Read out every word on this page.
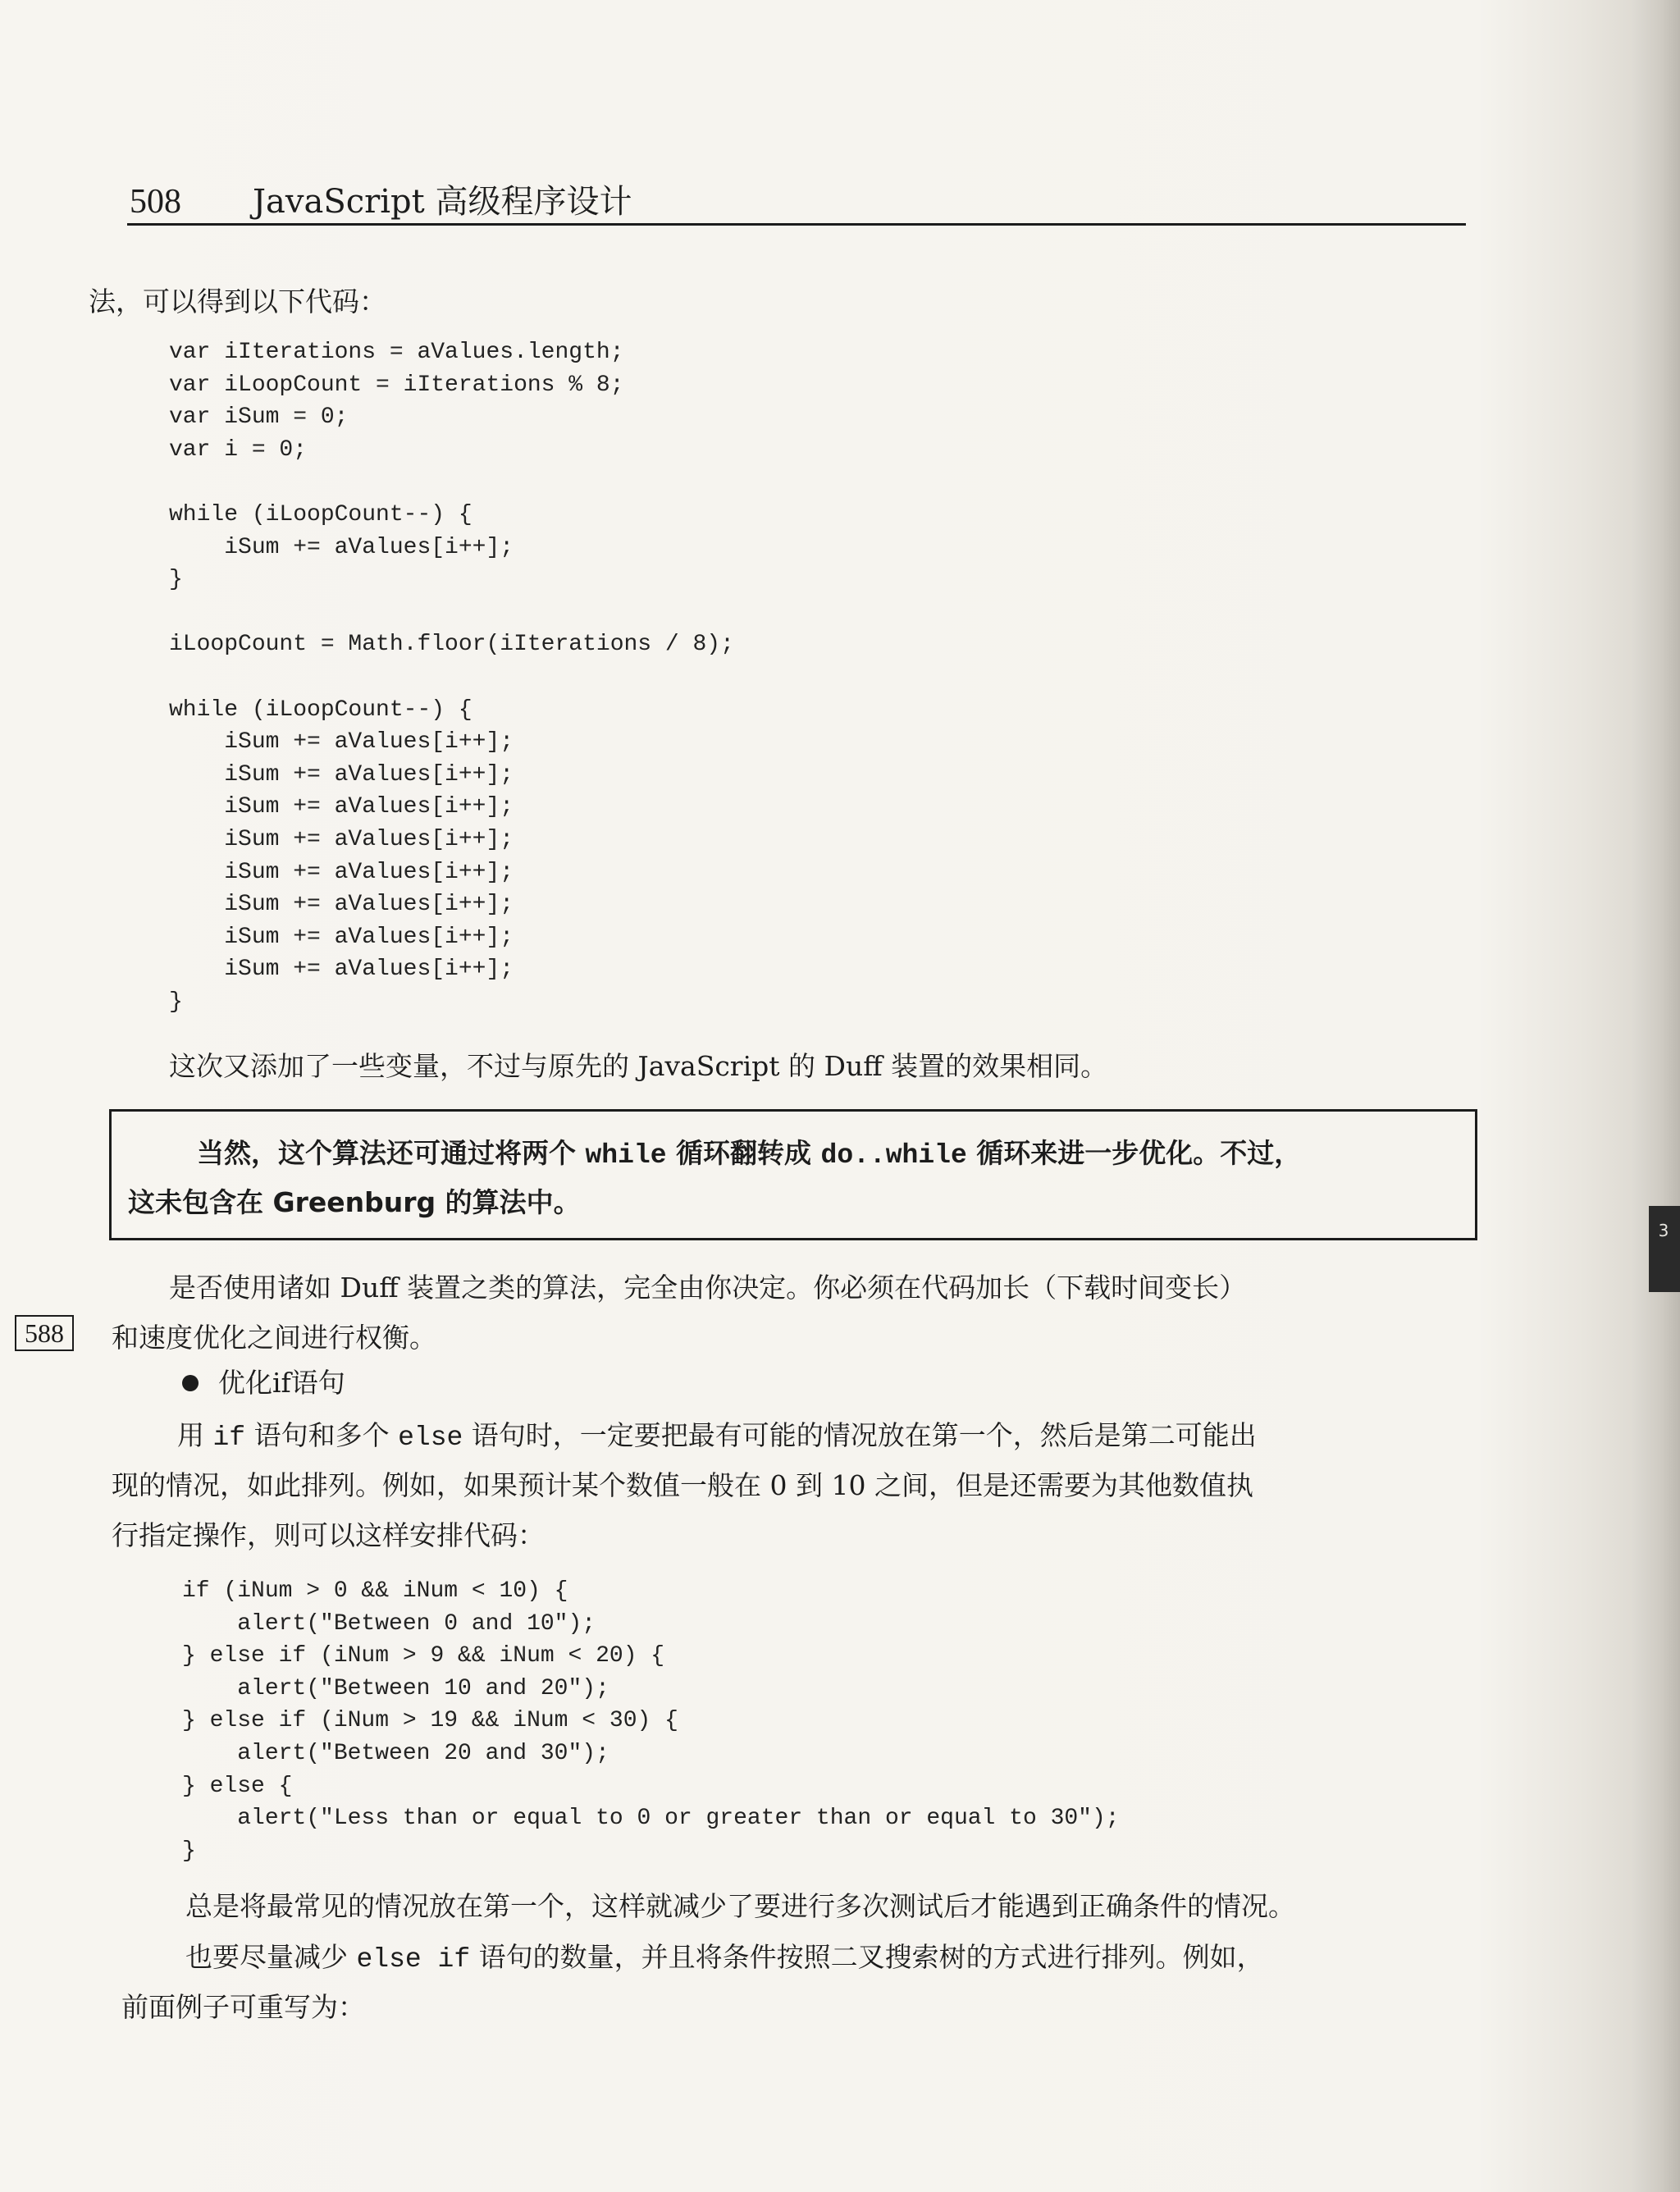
3
508 JavaScript 高级程序设计
法，可以得到以下代码：
var iIterations = aValues.length;
var iLoopCount = iIterations % 8;
var iSum = 0;
var i = 0;

while (iLoopCount--) {
iSum += aValues[i++];
}

iLoopCount = Math.floor(iIterations / 8);

while (iLoopCount--) {
iSum += aValues[i++];
iSum += aValues[i++];
iSum += aValues[i++];
iSum += aValues[i++];
iSum += aValues[i++];
iSum += aValues[i++];
iSum += aValues[i++];
iSum += aValues[i++];
}
这次又添加了一些变量，不过与原先的 JavaScript 的 Duff 装置的效果相同。
当然，这个算法还可通过将两个 while 循环翻转成 do..while 循环来进一步优化。不过，
这未包含在 Greenburg 的算法中。
是否使用诸如 Duff 装置之类的算法，完全由你决定。你必须在代码加长（下载时间变长）
和速度优化之间进行权衡。
588
优化if语句
用 if 语句和多个 else 语句时，一定要把最有可能的情况放在第一个，然后是第二可能出
现的情况，如此排列。例如，如果预计某个数值一般在 0 到 10 之间，但是还需要为其他数值执
行指定操作，则可以这样安排代码：
if (iNum > 0 && iNum < 10) {
alert("Between 0 and 10");
} else if (iNum > 9 && iNum < 20) {
alert("Between 10 and 20");
} else if (iNum > 19 && iNum < 30) {
alert("Between 20 and 30");
} else {
alert("Less than or equal to 0 or greater than or equal to 30");
}
总是将最常见的情况放在第一个，这样就减少了要进行多次测试后才能遇到正确条件的情况。
也要尽量减少 else if 语句的数量，并且将条件按照二叉搜索树的方式进行排列。例如，
前面例子可重写为：
